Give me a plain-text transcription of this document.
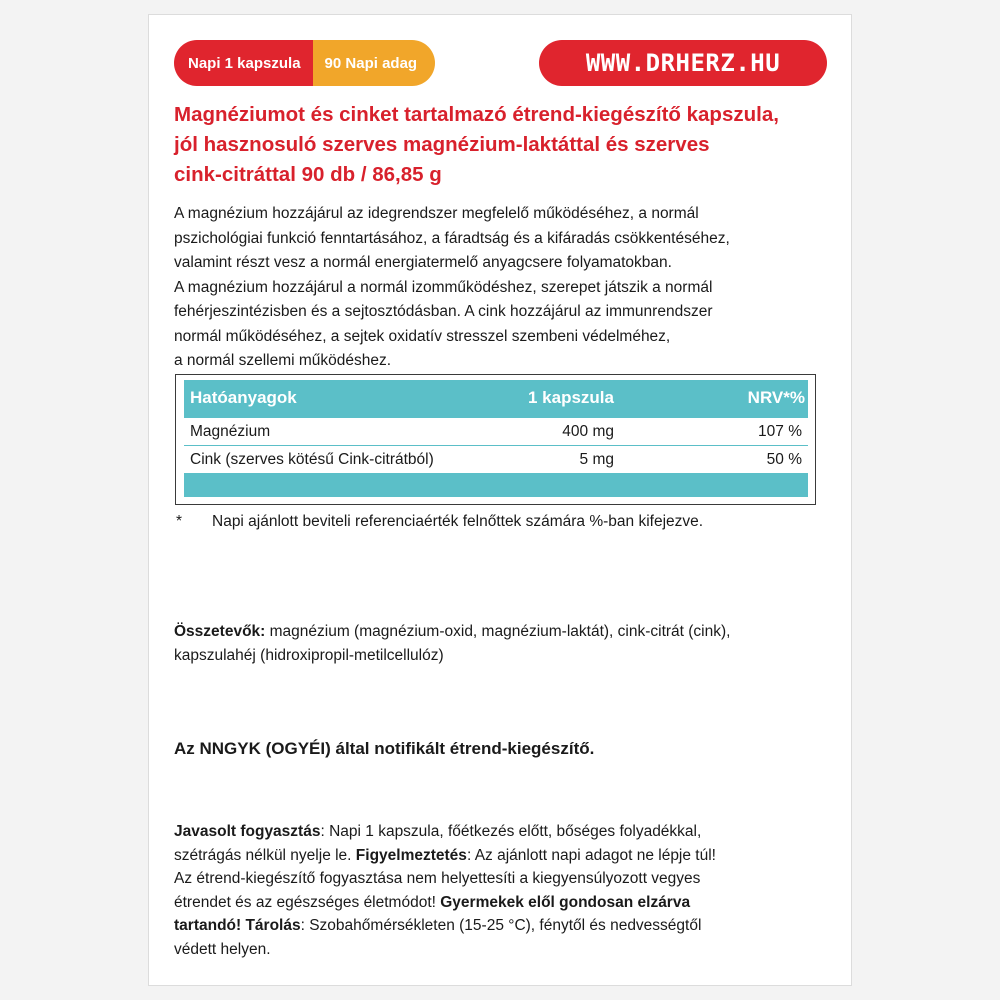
Napi 1 kapszula	90 Napi adag	WWW.DRHERZ.HU
Magnéziumot és cinket tartalmazó étrend-kiegészítő kapszula,
jól hasznosuló szerves magnézium-laktáttal és szerves
cink-citráttal 90 db / 86,85 g

A magnézium hozzájárul az idegrendszer megfelelő működéséhez, a normál
pszichológiai funkció fenntartásához, a fáradtság és a kifáradás csökkentéséhez,
valamint részt vesz a normál energiatermelő anyagcsere folyamatokban.
A magnézium hozzájárul a normál izomműködéshez, szerepet játszik a normál
fehérjeszintézisben és a sejtosztódásban. A cink hozzájárul az immunrendszer
normál működéséhez, a sejtek oxidatív stresszel szembeni védelméhez,
a normál szellemi működéshez.

Hatóanyagok	1 kapszula	NRV*%
Magnézium	400 mg	107 %
Cink (szerves kötésű Cink-citrátból)	5 mg	50 %

* Napi ajánlott beviteli referenciaérték felnőttek számára %-ban kifejezve.

Összetevők: magnézium (magnézium-oxid, magnézium-laktát), cink-citrát (cink),
kapszulahéj (hidroxipropil-metilcellulóz)

Az NNGYK (OGYÉI) által notifikált étrend-kiegészítő.

Javasolt fogyasztás: Napi 1 kapszula, főétkezés előtt, bőséges folyadékkal,
szétrágás nélkül nyelje le. Figyelmeztetés: Az ajánlott napi adagot ne lépje túl!
Az étrend-kiegészítő fogyasztása nem helyettesíti a kiegyensúlyozott vegyes
étrendet és az egészséges életmódot! Gyermekek elől gondosan elzárva
tartandó! Tárolás: Szobahőmérsékleten (15-25 °C), fénytől és nedvességtől
védett helyen.
